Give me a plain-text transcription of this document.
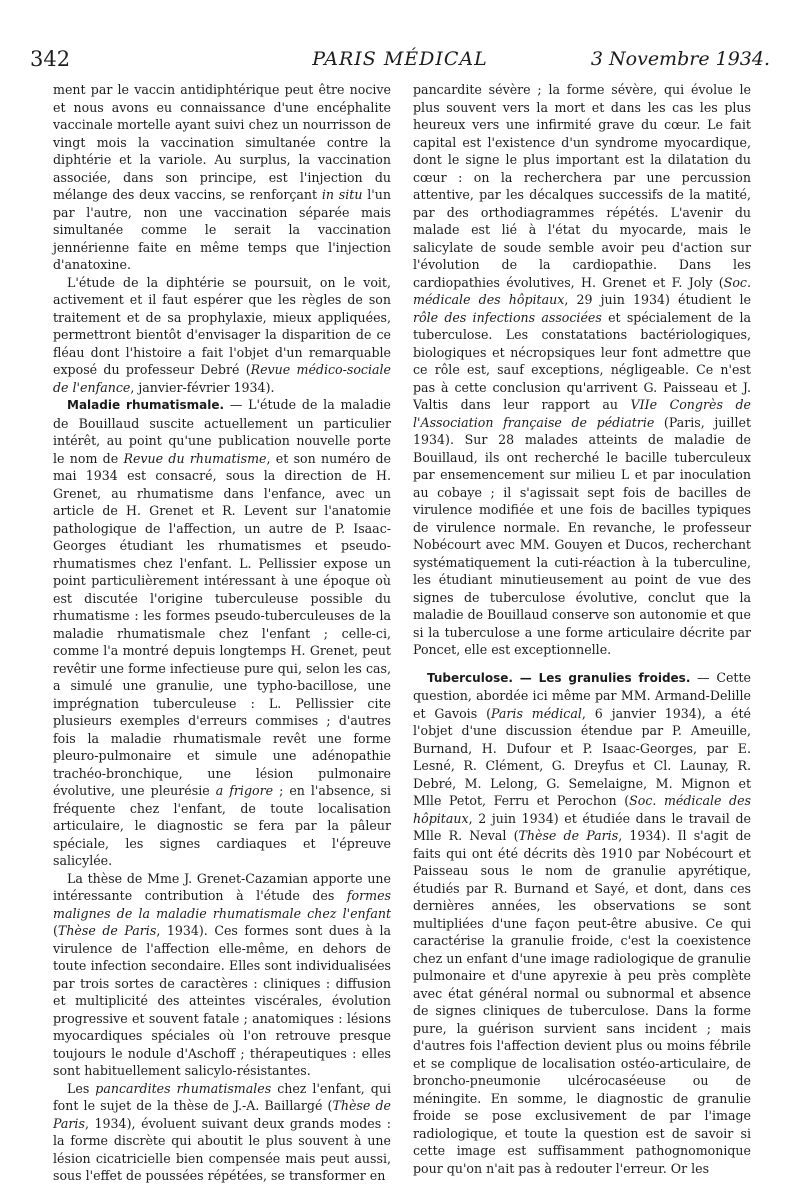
342	PARIS MÉDICAL	3 Novembre 1934.

ment par le vaccin antidiphtérique peut être nocive et nous avons eu connaissance d'une encéphalite vaccinale mortelle ayant suivi chez un nourrisson de vingt mois la vaccination simultanée contre la diphtérie et la variole. Au surplus, la vaccination associée, dans son principe, est l'injection du mélange des deux vaccins, se renforçant in situ l'un par l'autre, non une vaccination séparée mais simultanée comme le serait la vaccination jennérienne faite en même temps que l'injection d'anatoxine.

L'étude de la diphtérie se poursuit, on le voit, activement et il faut espérer que les règles de son traitement et de sa prophylaxie, mieux appliquées, permettront bientôt d'envisager la disparition de ce fléau dont l'histoire a fait l'objet d'un remarquable exposé du professeur Debré (Revue médico-sociale de l'enfance, janvier-février 1934).

Maladie rhumatismale. — L'étude de la maladie de Bouillaud suscite actuellement un particulier intérêt, au point qu'une publication nouvelle porte le nom de Revue du rhumatisme, et son numéro de mai 1934 est consacré, sous la direction de H. Grenet, au rhumatisme dans l'enfance, avec un article de H. Grenet et R. Levent sur l'anatomie pathologique de l'affection, un autre de P. Isaac-Georges étudiant les rhumatismes et pseudo-rhumatismes chez l'enfant. L. Pellissier expose un point particulièrement intéressant à une époque où est discutée l'origine tuberculeuse possible du rhumatisme : les formes pseudo-tuberculeuses de la maladie rhumatismale chez l'enfant ; celle-ci, comme l'a montré depuis longtemps H. Grenet, peut revêtir une forme infectieuse pure qui, selon les cas, a simulé une granulie, une typho-bacillose, une imprégnation tuberculeuse : L. Pellissier cite plusieurs exemples d'erreurs commises ; d'autres fois la maladie rhumatismale revêt une forme pleuro-pulmonaire et simule une adénopathie trachéo-bronchique, une lésion pulmonaire évolutive, une pleurésie a frigore ; en l'absence, si fréquente chez l'enfant, de toute localisation articulaire, le diagnostic se fera par la pâleur spéciale, les signes cardiaques et l'épreuve salicylée.

La thèse de Mme J. Grenet-Cazamian apporte une intéressante contribution à l'étude des formes malignes de la maladie rhumatismale chez l'enfant (Thèse de Paris, 1934). Ces formes sont dues à la virulence de l'affection elle-même, en dehors de toute infection secondaire. Elles sont individualisées par trois sortes de caractères : cliniques : diffusion et multiplicité des atteintes viscérales, évolution progressive et souvent fatale ; anatomiques : lésions myocardiques spéciales où l'on retrouve presque toujours le nodule d'Aschoff ; thérapeutiques : elles sont habituellement salicylo-résistantes.

Les pancardites rhumatismales chez l'enfant, qui font le sujet de la thèse de J.-A. Baillargé (Thèse de Paris, 1934), évoluent suivant deux grands modes : la forme discrète qui aboutit le plus souvent à une lésion cicatricielle bien compensée mais peut aussi, sous l'effet de poussées répétées, se transformer en

pancardite sévère ; la forme sévère, qui évolue le plus souvent vers la mort et dans les cas les plus heureux vers une infirmité grave du cœur. Le fait capital est l'existence d'un syndrome myocardique, dont le signe le plus important est la dilatation du cœur : on la recherchera par une percussion attentive, par les décalques successifs de la matité, par des orthodiagrammes répétés. L'avenir du malade est lié à l'état du myocarde, mais le salicylate de soude semble avoir peu d'action sur l'évolution de la cardiopathie. Dans les cardiopathies évolutives, H. Grenet et F. Joly (Soc. médicale des hôpitaux, 29 juin 1934) étudient le rôle des infections associées et spécialement de la tuberculose. Les constatations bactériologiques, biologiques et nécropsiques leur font admettre que ce rôle est, sauf exceptions, négligeable. Ce n'est pas à cette conclusion qu'arrivent G. Paisseau et J. Valtis dans leur rapport au VIIe Congrès de l'Association française de pédiatrie (Paris, juillet 1934). Sur 28 malades atteints de maladie de Bouillaud, ils ont recherché le bacille tuberculeux par ensemencement sur milieu L et par inoculation au cobaye ; il s'agissait sept fois de bacilles de virulence modifiée et une fois de bacilles typiques de virulence normale. En revanche, le professeur Nobécourt avec MM. Gouyen et Ducos, recherchant systématiquement la cuti-réaction à la tuberculine, les étudiant minutieusement au point de vue des signes de tuberculose évolutive, conclut que la maladie de Bouillaud conserve son autonomie et que si la tuberculose a une forme articulaire décrite par Poncet, elle est exceptionnelle.

Tuberculose. — Les granulies froides. — Cette question, abordée ici même par MM. Armand-Delille et Gavois (Paris médical, 6 janvier 1934), a été l'objet d'une discussion étendue par P. Ameuille, Burnand, H. Dufour et P. Isaac-Georges, par E. Lesné, R. Clément, G. Dreyfus et Cl. Launay, R. Debré, M. Lelong, G. Semelaigne, M. Mignon et Mlle Petot, Ferru et Perochon (Soc. médicale des hôpitaux, 2 juin 1934) et étudiée dans le travail de Mlle R. Neval (Thèse de Paris, 1934). Il s'agit de faits qui ont été décrits dès 1910 par Nobécourt et Paisseau sous le nom de granulie apyrétique, étudiés par R. Burnand et Sayé, et dont, dans ces dernières années, les observations se sont multipliées d'une façon peut-être abusive. Ce qui caractérise la granulie froide, c'est la coexistence chez un enfant d'une image radiologique de granulie pulmonaire et d'une apyrexie à peu près complète avec état général normal ou subnormal et absence de signes cliniques de tuberculose. Dans la forme pure, la guérison survient sans incident ; mais d'autres fois l'affection devient plus ou moins fébrile et se complique de localisation ostéo-articulaire, de broncho-pneumonie ulcérocaséeuse ou de méningite. En somme, le diagnostic de granulie froide se pose exclusivement de par l'image radiologique, et toute la question est de savoir si cette image est suffisamment pathognomonique pour qu'on n'ait pas à redouter l'erreur. Or les
